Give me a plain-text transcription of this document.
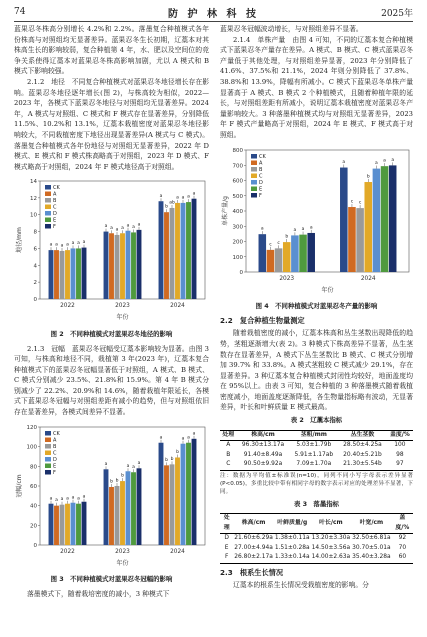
74	防 护 林 科 技	2025年

蓝果忍冬株高分别增长 4.2%和 2.2%。落墨复合种植模式各年份株高与对照组均无显著差异。蓝果忍冬生长初期，辽藁本对其株高生长的影响较弱，复合种植第 4 年，水、肥以及空间位的竞争关系使得辽藁本对蓝果忍冬株高影响加剧，尤以 A 模式和 B 模式下影响较强。

2.1.2　地径　不同复合种植模式对蓝果忍冬地径增长存在影响。蓝果忍冬地径逐年增长(图 2)，与株高较为相似，2022—2023 年，各模式下蓝果忍冬地径与对照组均无显著差异。2024 年，A 模式与对照组、C 模式和 F 模式存在显著差异，分别降低 11.5%、10.2%和 13.1%，辽藁本栽植密度对蓝果忍冬地径影响较大，不同栽植密度下地径出现显著差异(A 模式与 C 模式)。落墨复合种植模式各年份地径与对照组无显著差异，2022 年 D 模式、E 模式和 F 模式株高略高于对照组，2023 年 D 模式、F 模式略高于对照组，2024 年 F 模式地径高于对照组。

0
2
4
6
8
10
12
14
地径/mm	a a a a a a a
2022
a a a a
a a
a
2023
a
b
ab
a a a
a
2024
年份
CK
A
B
C
D
E
F
图 2　不同种植模式对蓝果忍冬地径的影响

2.1.3　冠幅　蓝果忍冬冠幅受辽藁本影响较为显著。由图 3 可知，与株高和地径不同，栽植第 3 年(2023 年)，辽藁本复合种植模式下的蓝果忍冬冠幅显著低于对照组，A 模式、B 模式、C 模式分别减少 23.5%、21.8%和 15.9%。第 4 年 B 模式分别减少了 22.2%、20.9%和 14.6%，随着栽植年限延长，各模式下蓝果忍冬冠幅与对照组差距有减小的趋势，但与对照组依旧存在显著差异，各模式间差异不显著。

0
20
40
60
80
100
120
冠幅/cm
a a a a a a a
2022
a
b b
b
a a
a
2023
a
b b
b
a a
a
2024
年份
CK
A
B
C
D
E
F
图 3　不同种植模式对蓝果忍冬冠幅的影响

落墨模式下，随着栽培密度的减小，3 种模式下

蓝果忍冬冠幅波动增长，与对照组差异不显著。

2.1.4　单株产量　由图 4 可知，不同的辽藁本复合种植模式下蓝果忍冬产量存在差异。A 模式、B 模式、C 模式蓝果忍冬产量低于其他处理，与对照组差异显著，2023 年分别降低了 41.6%、37.5%和 21.1%，2024 年则分别降低了 37.8%、38.8%和 13.9%，降幅有所减小。C 模式下蓝果忍冬单株产量显著高于 A 模式、B 模式 2 个种植模式，且随着种植年限的延长，与对照组差距有所减小，说明辽藁本栽植密度对蓝果忍冬产量影响较大。3 种落墨种植模式均与对照组无显著差异，2023 年 F 模式产量略高于对照组，2024 年 E 模式、F 模式高于对照组。

0
100
200
300
400
500
600
700
800
单株产量/g
a
c c
b
a a a
2023
a
c c
b
a a a
2024
年份
CK
A
B
C
D
E
F
图 4　不同种植模式对蓝果忍冬产量的影响
2.2　复合种植生物量测定

随着栽植密度的减小，辽藁本株高和丛生茎数出现降低的趋势，茎粗逐渐增大(表 2)。3 种模式下株高差异不显著，丛生茎数存在显著差异，A 模式下丛生茎数比 B 模式、C 模式分别增加 39.7% 和 33.8%。A 模式茎粗较 C 模式减少 29.1%，存在显著差异。3 种辽藁本复合种植模式封闭性均较好，地面盖度均在 95%以上。由表 3 可知，复合种植的 3 种落墨模式随着栽植密度减小，地面盖度逐渐降低，各生物量指标略有波动，无显著差异，叶长和叶鲜质量 E 模式最高。

表 2　辽藁本指标
处理	株高/cm	茎粗/mm	丛生茎数	盖度/%
A	96.30±13.17a	5.03±1.79b	28.50±4.25a	100
B	91.40±8.49a	5.91±1.17ab	20.40±5.21b	98
C	90.50±9.92a	7.09±1.70a	21.30±5.54b	97
注：数据为平均值±标准误(n=10)，同列不同小写字母表示差异显著(P<0.05)，多重比较中带有相同字母的数字表示对应的处理差异不显著，下同。
表 3　落墨指标
处理	株高/cm	叶鲜质量/g	叶长/cm	叶宽/cm	盖度/%
D	21.60±6.29a	1.38±0.11a	13.20±3.30a	32.50±6.81a	92
E	27.00±4.94a	1.51±0.28a	14.50±3.56a	30.70±5.01a	70
F	26.80±2.17a	1.33±0.14a	14.00±2.63a	35.40±3.28a	60
2.3　根系生长情况

辽藁本的根系生长情况受栽植密度的影响。分
